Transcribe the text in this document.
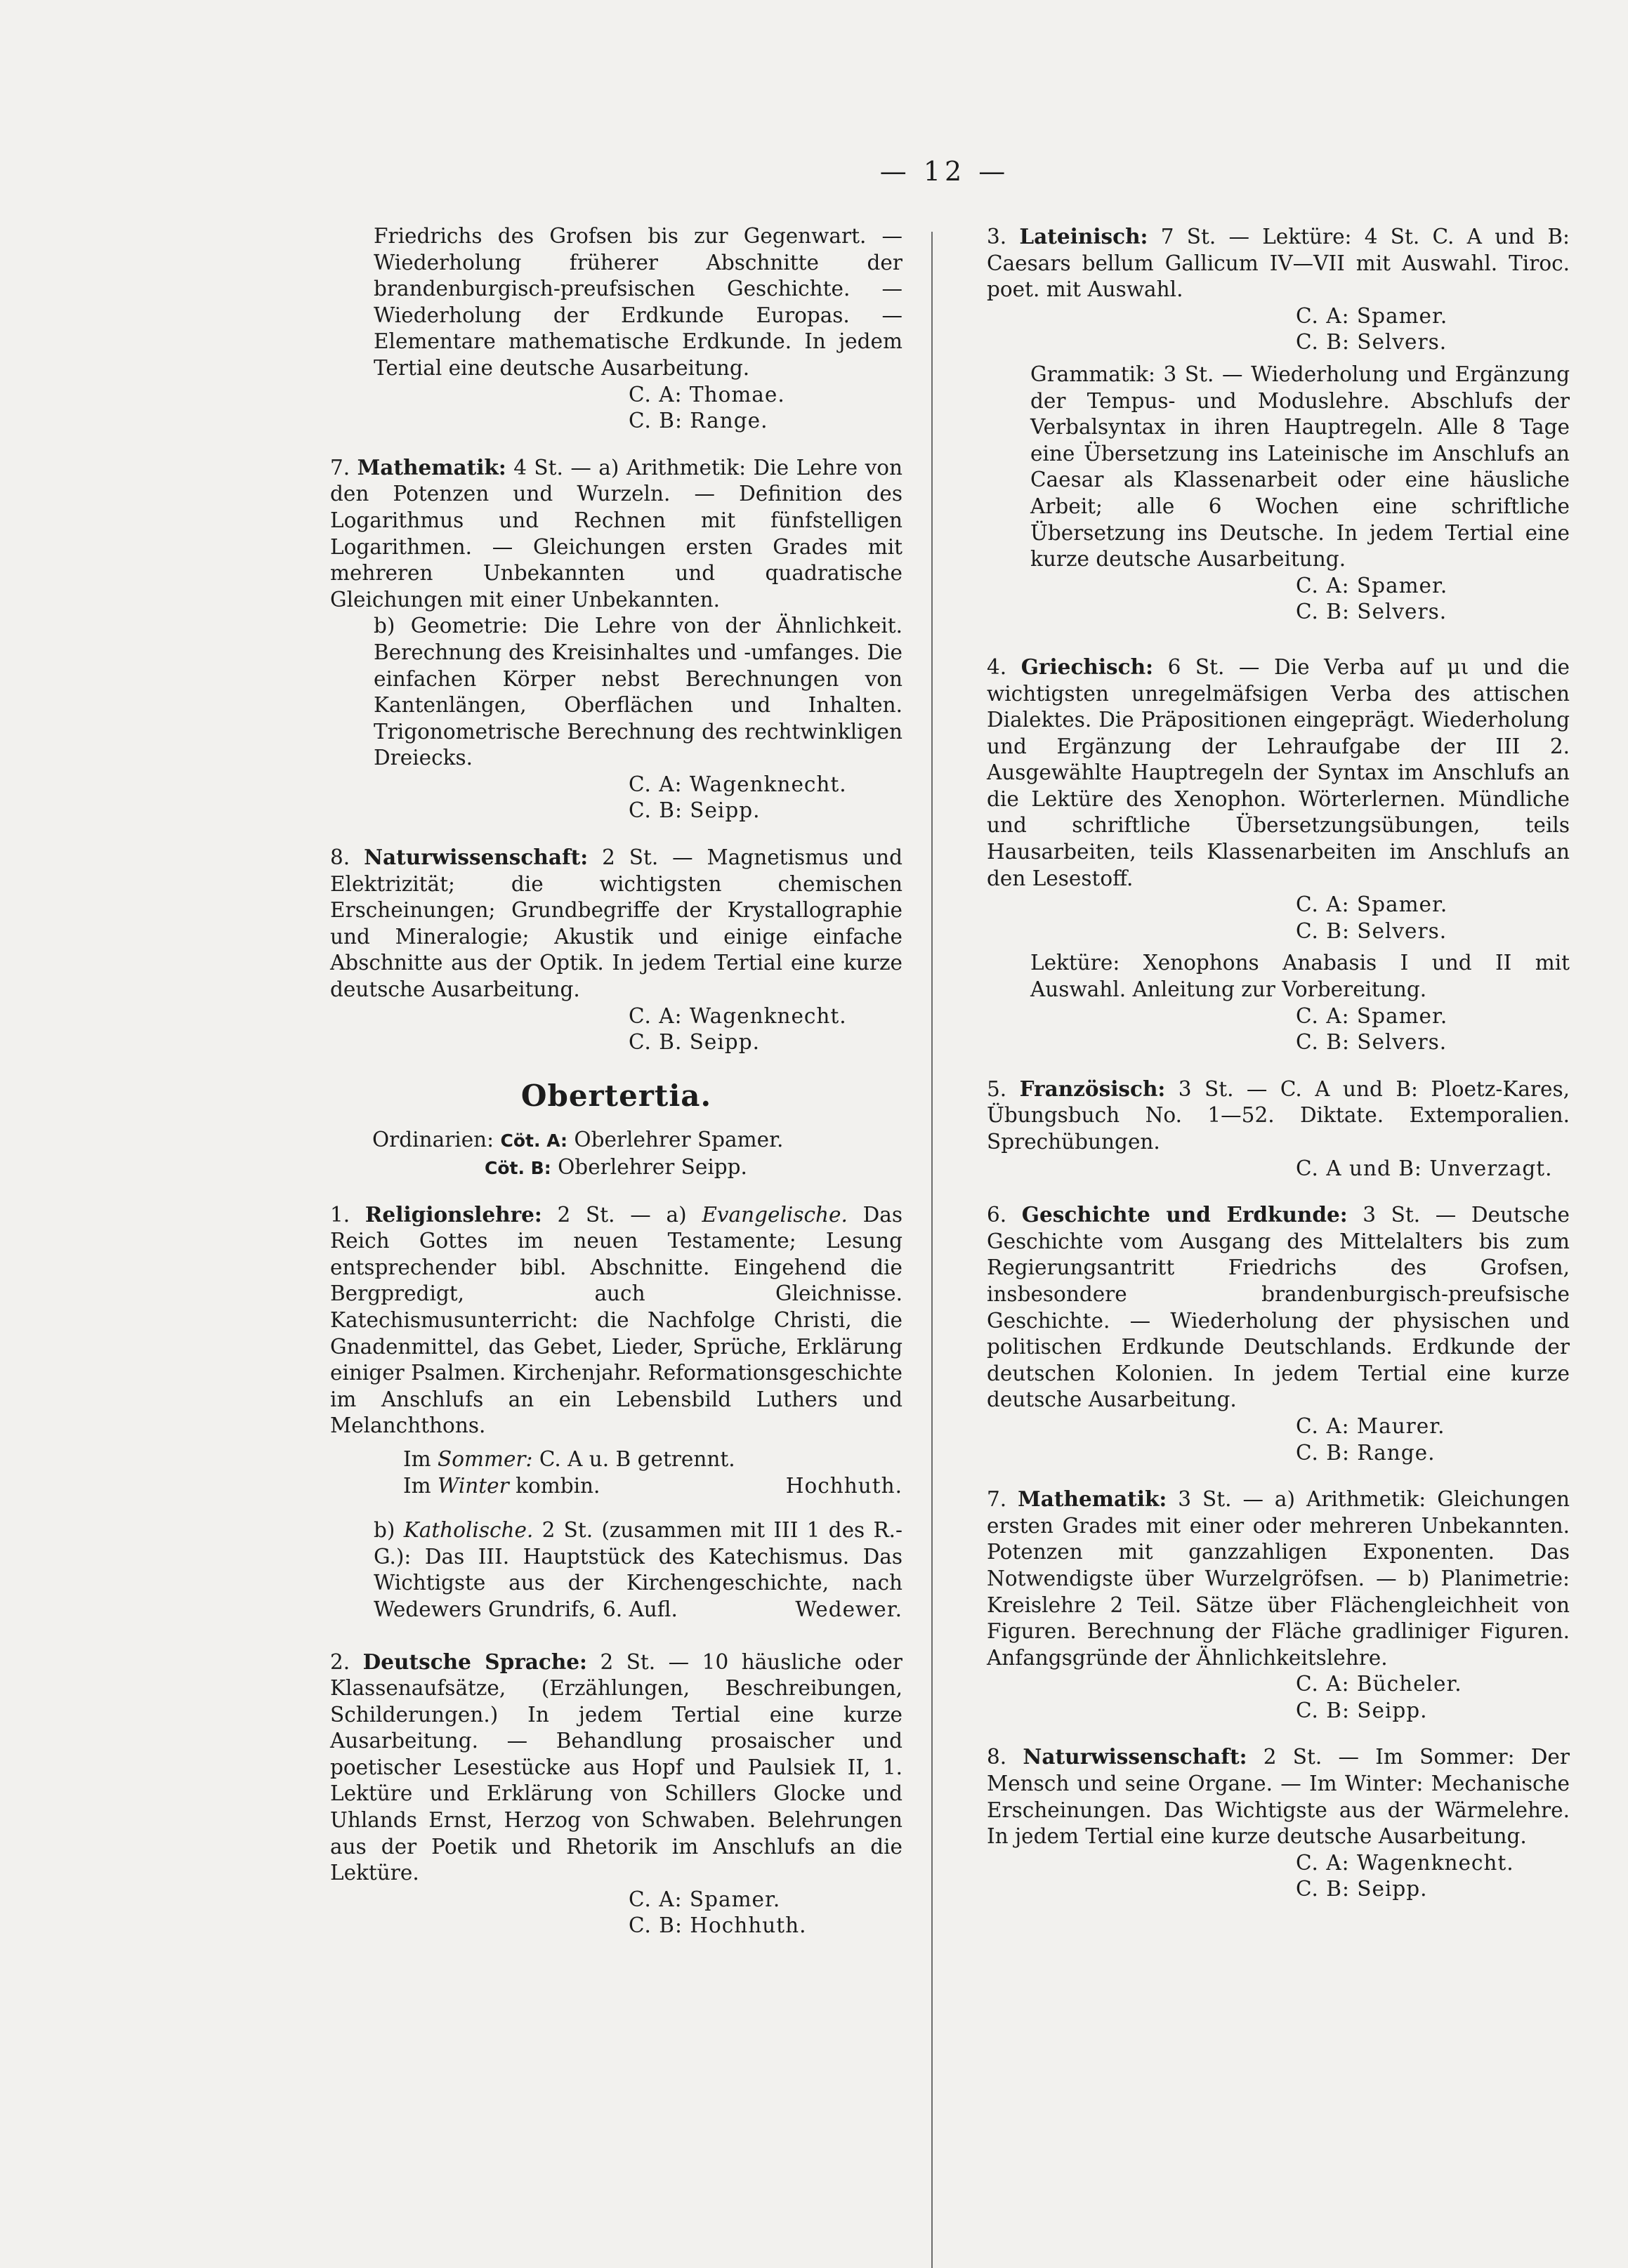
— 12 —

Friedrichs des Grofsen bis zur Gegenwart. — Wiederholung früherer Abschnitte der brandenburgisch-preufsischen Geschichte. — Wiederholung der Erdkunde Europas. — Elementare mathematische Erdkunde. In jedem Tertial eine deutsche Ausarbeitung.

C. A: Thomae.
C. B: Range.

7. Mathematik: 4 St. — a) Arithmetik: Die Lehre von den Potenzen und Wurzeln. — Definition des Logarithmus und Rechnen mit fünfstelligen Logarithmen. — Gleichungen ersten Grades mit mehreren Unbekannten und quadratische Gleichungen mit einer Unbekannten.

b) Geometrie: Die Lehre von der Ähnlichkeit. Berechnung des Kreisinhaltes und -umfanges. Die einfachen Körper nebst Berechnungen von Kantenlängen, Oberflächen und Inhalten. Trigonometrische Berechnung des rechtwinkligen Dreiecks.

C. A: Wagenknecht.
C. B: Seipp.

8. Naturwissenschaft: 2 St. — Magnetismus und Elektrizität; die wichtigsten chemischen Erscheinungen; Grundbegriffe der Krystallographie und Mineralogie; Akustik und einige einfache Abschnitte aus der Optik. In jedem Tertial eine kurze deutsche Ausarbeitung.

C. A: Wagenknecht.
C. B. Seipp.
Obertertia.
Ordinarien: Cöt. A: Oberlehrer Spamer.
Cöt. B: Oberlehrer Seipp.

1. Religionslehre: 2 St. — a) Evangelische. Das Reich Gottes im neuen Testamente; Lesung entsprechender bibl. Abschnitte. Eingehend die Bergpredigt, auch Gleichnisse. Katechismusunterricht: die Nachfolge Christi, die Gnadenmittel, das Gebet, Lieder, Sprüche, Erklärung einiger Psalmen. Kirchenjahr. Reformationsgeschichte im Anschlufs an ein Lebensbild Luthers und Melanchthons.

Im Sommer: C. A u. B getrennt.

Im Winter kombin.	Hochhuth.

b) Katholische. 2 St. (zusammen mit III 1 des R.-G.): Das III. Hauptstück des Katechismus. Das Wichtigste aus der Kirchengeschichte, nach Wedewers Grundrifs, 6. Aufl.	Wedewer.

2. Deutsche Sprache: 2 St. — 10 häusliche oder Klassenaufsätze, (Erzählungen, Beschreibungen, Schilderungen.) In jedem Tertial eine kurze Ausarbeitung. — Behandlung prosaischer und poetischer Lesestücke aus Hopf und Paulsiek II, 1. Lektüre und Erklärung von Schillers Glocke und Uhlands Ernst, Herzog von Schwaben. Belehrungen aus der Poetik und Rhetorik im Anschlufs an die Lektüre.

C. A: Spamer.
C. B: Hochhuth.

3. Lateinisch: 7 St. — Lektüre: 4 St. C. A und B: Caesars bellum Gallicum IV—VII mit Auswahl. Tiroc. poet. mit Auswahl.

C. A: Spamer.
C. B: Selvers.

Grammatik: 3 St. — Wiederholung und Ergänzung der Tempus- und Moduslehre. Abschlufs der Verbalsyntax in ihren Hauptregeln. Alle 8 Tage eine Übersetzung ins Lateinische im Anschlufs an Caesar als Klassenarbeit oder eine häusliche Arbeit; alle 6 Wochen eine schriftliche Übersetzung ins Deutsche. In jedem Tertial eine kurze deutsche Ausarbeitung.

C. A: Spamer.
C. B: Selvers.

4. Griechisch: 6 St. — Die Verba auf μι und die wichtigsten unregelmäfsigen Verba des attischen Dialektes. Die Präpositionen eingeprägt. Wiederholung und Ergänzung der Lehraufgabe der III 2. Ausgewählte Hauptregeln der Syntax im Anschlufs an die Lektüre des Xenophon. Wörterlernen. Mündliche und schriftliche Übersetzungsübungen, teils Hausarbeiten, teils Klassenarbeiten im Anschlufs an den Lesestoff.

C. A: Spamer.
C. B: Selvers.

Lektüre: Xenophons Anabasis I und II mit Auswahl. Anleitung zur Vorbereitung.

C. A: Spamer.
C. B: Selvers.

5. Französisch: 3 St. — C. A und B: Ploetz-Kares, Übungsbuch No. 1—52. Diktate. Extemporalien. Sprechübungen.

C. A und B: Unverzagt.

6. Geschichte und Erdkunde: 3 St. — Deutsche Geschichte vom Ausgang des Mittelalters bis zum Regierungsantritt Friedrichs des Grofsen, insbesondere brandenburgisch-preufsische Geschichte. — Wiederholung der physischen und politischen Erdkunde Deutschlands. Erdkunde der deutschen Kolonien. In jedem Tertial eine kurze deutsche Ausarbeitung.

C. A: Maurer.
C. B: Range.

7. Mathematik: 3 St. — a) Arithmetik: Gleichungen ersten Grades mit einer oder mehreren Unbekannten. Potenzen mit ganzzahligen Exponenten. Das Notwendigste über Wurzelgröfsen. — b) Planimetrie: Kreislehre 2 Teil. Sätze über Flächengleichheit von Figuren. Berechnung der Fläche gradliniger Figuren. Anfangsgründe der Ähnlichkeitslehre.

C. A: Bücheler.
C. B: Seipp.

8. Naturwissenschaft: 2 St. — Im Sommer: Der Mensch und seine Organe. — Im Winter: Mechanische Erscheinungen. Das Wichtigste aus der Wärmelehre. In jedem Tertial eine kurze deutsche Ausarbeitung.

C. A: Wagenknecht.
C. B: Seipp.
